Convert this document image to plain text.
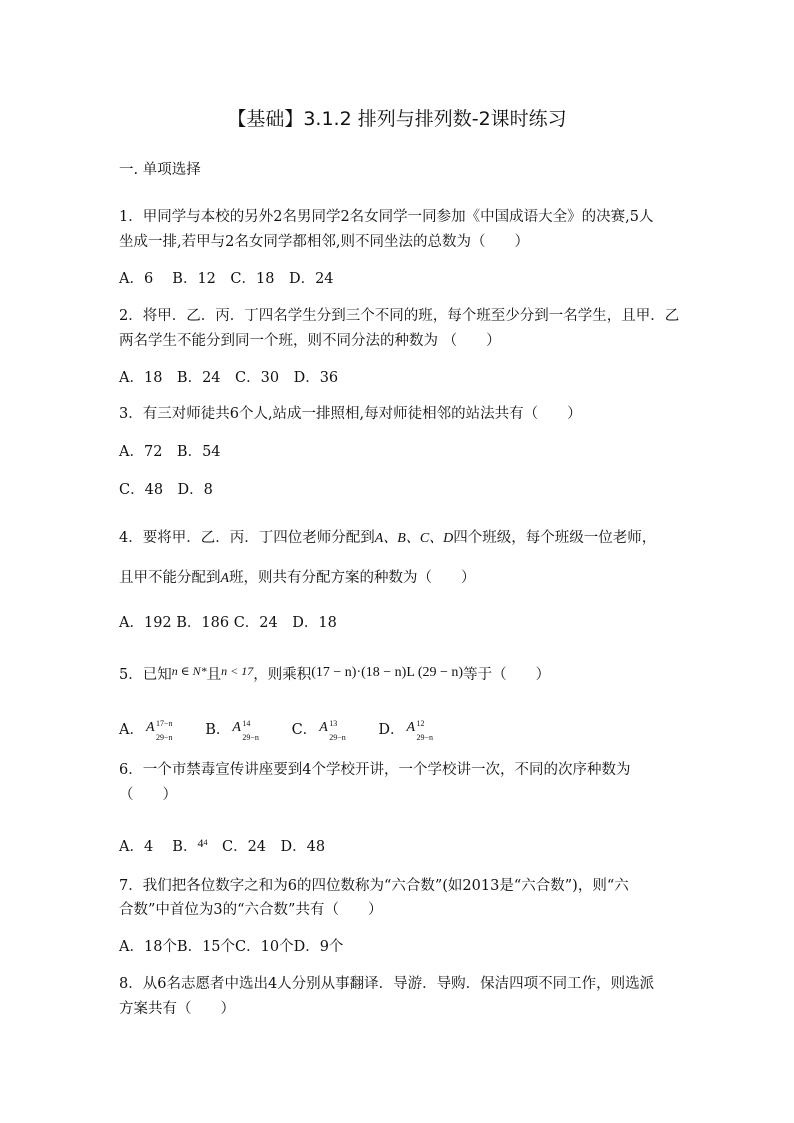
【基础】3.1.2 排列与排列数-2课时练习
一. 单项选择
1．甲同学与本校的另外2名男同学2名女同学一同参加《中国成语大全》的决赛,5人
坐成一排,若甲与2名女同学都相邻,则不同坐法的总数为（　　）
A．6　 B．12　C．18　D．24
2．将甲．乙．丙．丁四名学生分到三个不同的班，每个班至少分到一名学生，且甲．乙
两名学生不能分到同一个班，则不同分法的种数为 （　　）
A．18　B．24　C．30　D．36
3．有三对师徒共6个人,站成一排照相,每对师徒相邻的站法共有（　　）
A．72　B．54
C．48　D．8
4．要将甲．乙．丙．丁四位老师分配到A、B、C、D四个班级，每个班级一位老师，
且甲不能分配到A班，则共有分配方案的种数为（　　）
A．192 B．186 C．24　D．18
5．已知$^{n \in N*}$且$^{n < 17}$，则乘积(17 − n)·(18 − n)L (29 − n)等于（　　）
A． A 17−n
29−n B． A 14
29−n C． A 13
29−n D． A 12
29−n
6．一个市禁毒宣传讲座要到4个学校开讲，一个学校讲一次，不同的次序种数为
（　　）
A．4　 B．$^{44}$　C．24　D．48
7．我们把各位数字之和为6的四位数称为“六合数”(如2013是“六合数”)，则“六
合数”中首位为3的“六合数”共有（　　）
A．18个B．15个C．10个D．9个
8．从6名志愿者中选出4人分别从事翻译．导游．导购．保洁四项不同工作，则选派
方案共有（　　）
